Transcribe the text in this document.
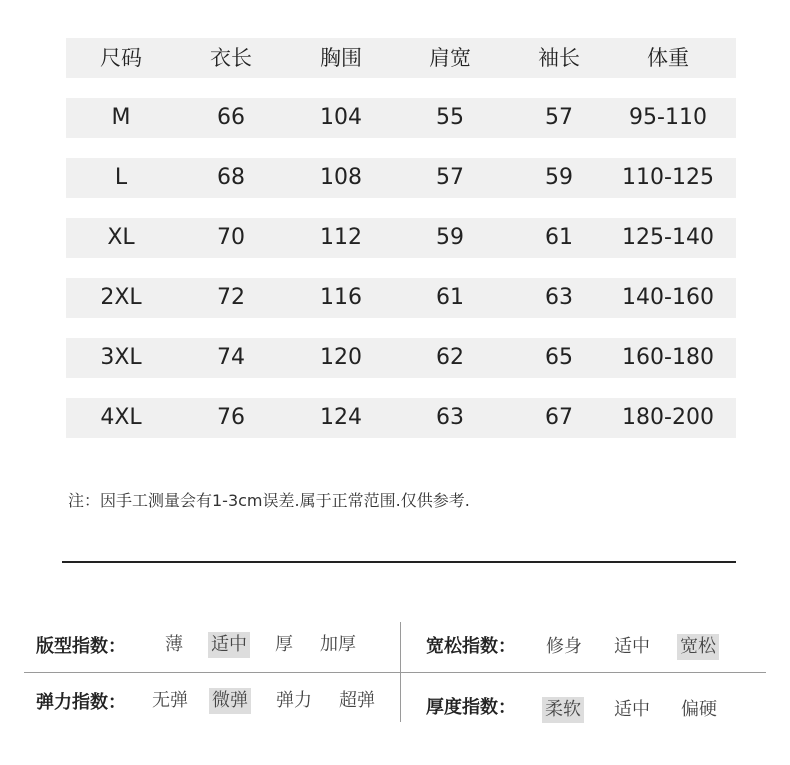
尺码	衣长	胸围	肩宽	袖长	体重
M	66	104	55	57	95-110
L	68	108	57	59	110-125
XL	70	112	59	61	125-140
2XL	72	116	61	63	140-160
3XL	74	120	62	65	160-180
4XL	76	124	63	67	180-200
注：因手工测量会有1-3cm误差.属于正常范围.仅供参考.
版型指数： 薄 适中 厚 加厚	宽松指数： 修身 适中 宽松
弹力指数： 无弹 微弹 弹力 超弹	厚度指数： 柔软 适中 偏硬
